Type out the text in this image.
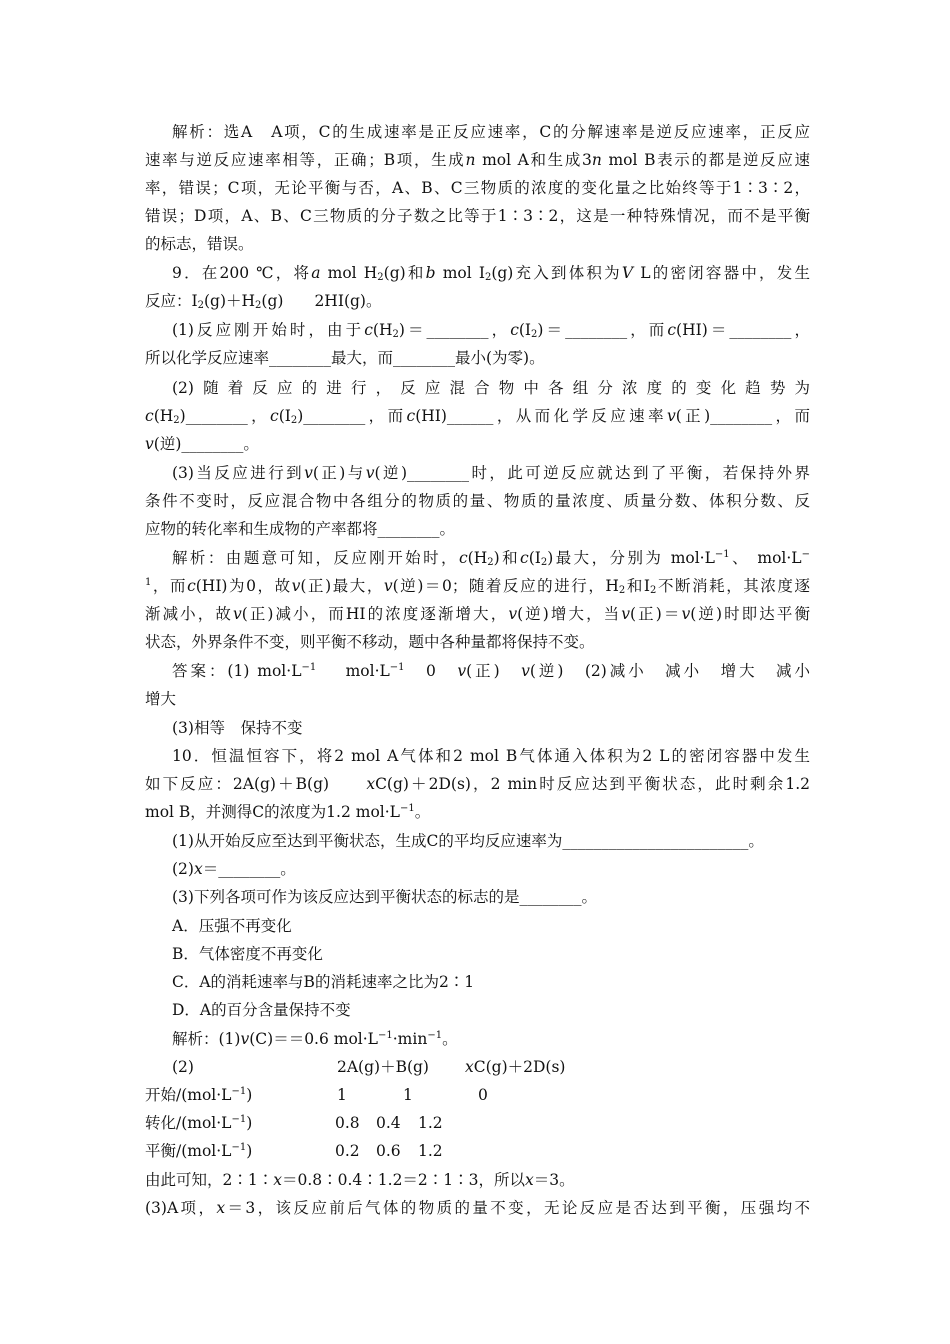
解析：选A　A项，C的生成速率是正反应速率，C的分解速率是逆反应速率，正反应
速率与逆反应速率相等，正确；B项，生成n mol A和生成3n mol B表示的都是逆反应速
率，错误；C项，无论平衡与否，A、B、C三物质的浓度的变化量之比始终等于1∶3∶2，
错误；D项，A、B、C三物质的分子数之比等于1∶3∶2，这是一种特殊情况，而不是平衡
的标志，错误。
9．在200 ℃，将a mol $H_2(g)$和b mol $I_2(g)$充入到体积为V L的密闭容器中，发生
反应：$I_2(g)+H_2(g)$　　2HI(g)。
(1)反应刚开始时，由于$c(H_2)=\_\_\_\_\_\_\_\_$，$c(I_2)=\_\_\_\_\_\_\_\_$，而c(HI)＝________，
所以化学反应速率________最大，而________最小(为零)。
(2)随着反应的进行，反应混合物中各组分浓度的变化趋势为
$c(H_2)\_\_\_\_\_\_\_\_$，$c(I_2)\_\_\_\_\_\_\_\_$，而c(HI)______，从而化学反应速率v(正)________，而
v(逆)________。
(3)当反应进行到v(正)与v(逆)________时，此可逆反应就达到了平衡，若保持外界
条件不变时，反应混合物中各组分的物质的量、物质的量浓度、质量分数、体积分数、反
应物的转化率和生成物的产率都将________。
解析：由题意可知，反应刚开始时，$c(H_2)$和$c(I_2)$最大，分别为 $mol\cdot L^{-1}$、 mol·L−
$^1$，而c(HI)为0，故v(正)最大，v(逆)＝0；随着反应的进行，$H_2$和$I_2$不断消耗，其浓度逐
渐减小，故v(正)减小，而HI的浓度逐渐增大，v(逆)增大，当v(正)＝v(逆)时即达平衡
状态，外界条件不变，则平衡不移动，题中各种量都将保持不变。
答案：(1) $mol\cdot L^{-1}$　 $mol\cdot L^{-1}$　0　v(正)　v(逆)　(2)减小　减小　增大　减小
增大
(3)相等　保持不变
10．恒温恒容下，将2 mol A气体和2 mol B气体通入体积为2 L的密闭容器中发生
如下反应：2A(g)＋B(g)　　xC(g)＋2D(s)，2 min时反应达到平衡状态，此时剩余1.2
mol B，并测得C的浓度为1.2 $mol\cdot L^{-1}$。
(1)从开始反应至达到平衡状态，生成C的平均反应速率为________________________。
(2)x＝________。
(3)下列各项可作为该反应达到平衡状态的标志的是________。
A．压强不再变化
B．气体密度不再变化
C．A的消耗速率与B的消耗速率之比为2∶1
D．A的百分含量保持不变
解析：(1)v(C)＝＝0.6 $mol\cdot L^{-1}\cdot\min^{-1}$。
(2)	2A(g)＋B(g) xC(g)＋2D(s)
开始$/(mol\cdot L^{-1})$	1	1	0
转化$/(mol\cdot L^{-1})$	0.8 0.4 1.2
平衡$/(mol\cdot L^{-1})$	0.2 0.6 1.2
由此可知，2∶1∶x＝0.8∶0.4∶1.2＝2∶1∶3，所以x＝3。
(3)A项，x＝3，该反应前后气体的物质的量不变，无论反应是否达到平衡，压强均不
